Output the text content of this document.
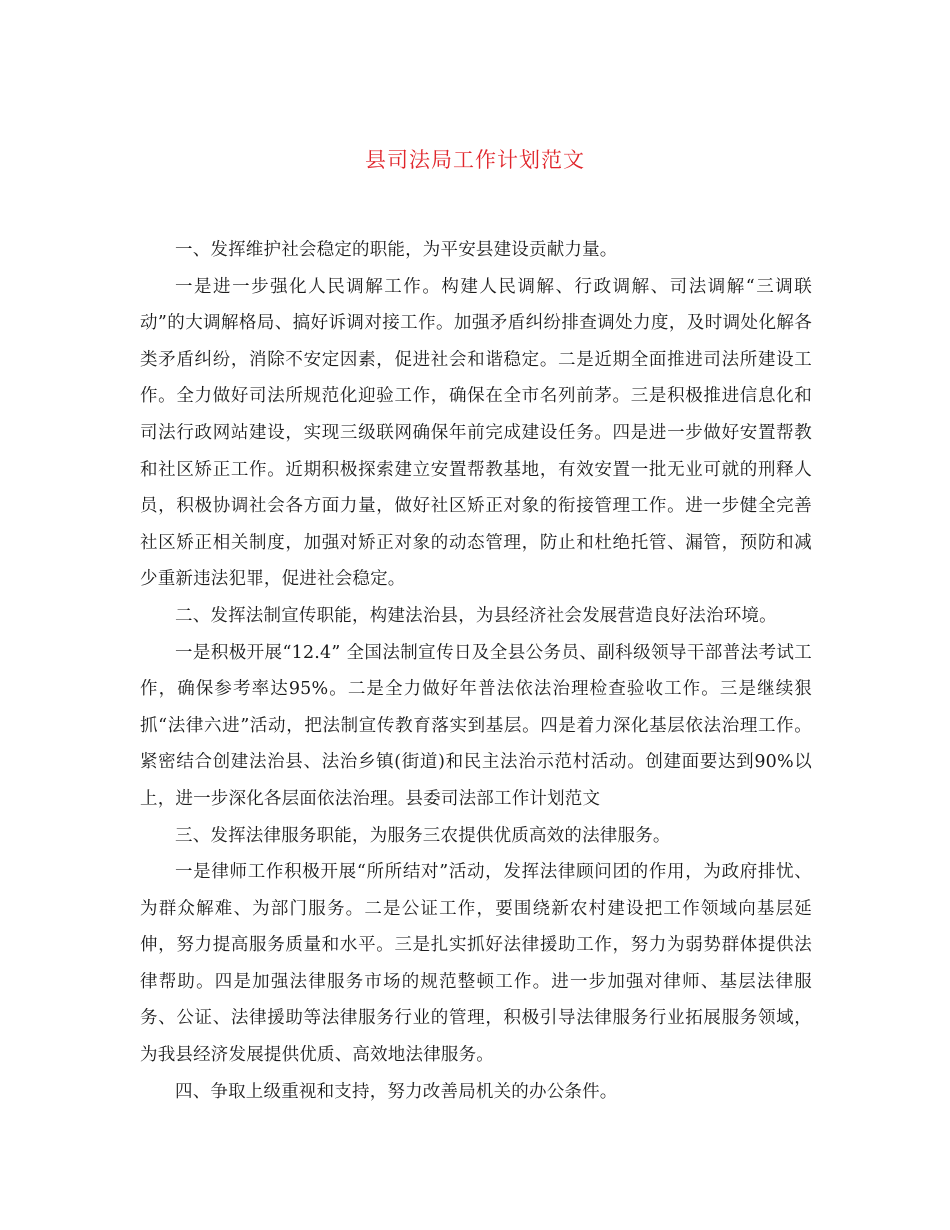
县司法局工作计划范文

一、发挥维护社会稳定的职能，为平安县建设贡献力量。

一是进一步强化人民调解工作。构建人民调解、行政调解、司法调解“三调联动”的大调解格局、搞好诉调对接工作。加强矛盾纠纷排查调处力度，及时调处化解各类矛盾纠纷，消除不安定因素，促进社会和谐稳定。二是近期全面推进司法所建设工作。全力做好司法所规范化迎验工作，确保在全市名列前茅。三是积极推进信息化和司法行政网站建设，实现三级联网确保年前完成建设任务。四是进一步做好安置帮教和社区矫正工作。近期积极探索建立安置帮教基地，有效安置一批无业可就的刑释人员，积极协调社会各方面力量，做好社区矫正对象的衔接管理工作。进一步健全完善社区矫正相关制度，加强对矫正对象的动态管理，防止和杜绝托管、漏管，预防和减少重新违法犯罪，促进社会稳定。

二、发挥法制宣传职能，构建法治县，为县经济社会发展营造良好法治环境。

一是积极开展“12.4” 全国法制宣传日及全县公务员、副科级领导干部普法考试工作，确保参考率达95%。二是全力做好年普法依法治理检查验收工作。三是继续狠抓“法律六进”活动，把法制宣传教育落实到基层。四是着力深化基层依法治理工作。紧密结合创建法治县、法治乡镇(街道)和民主法治示范村活动。创建面要达到90%以上，进一步深化各层面依法治理。县委司法部工作计划范文

三、发挥法律服务职能，为服务三农提供优质高效的法律服务。

一是律师工作积极开展“所所结对”活动，发挥法律顾问团的作用，为政府排忧、为群众解难、为部门服务。二是公证工作，要围绕新农村建设把工作领域向基层延伸，努力提高服务质量和水平。三是扎实抓好法律援助工作，努力为弱势群体提供法律帮助。四是加强法律服务市场的规范整顿工作。进一步加强对律师、基层法律服务、公证、法律援助等法律服务行业的管理，积极引导法律服务行业拓展服务领域，为我县经济发展提供优质、高效地法律服务。

四、争取上级重视和支持，努力改善局机关的办公条件。
